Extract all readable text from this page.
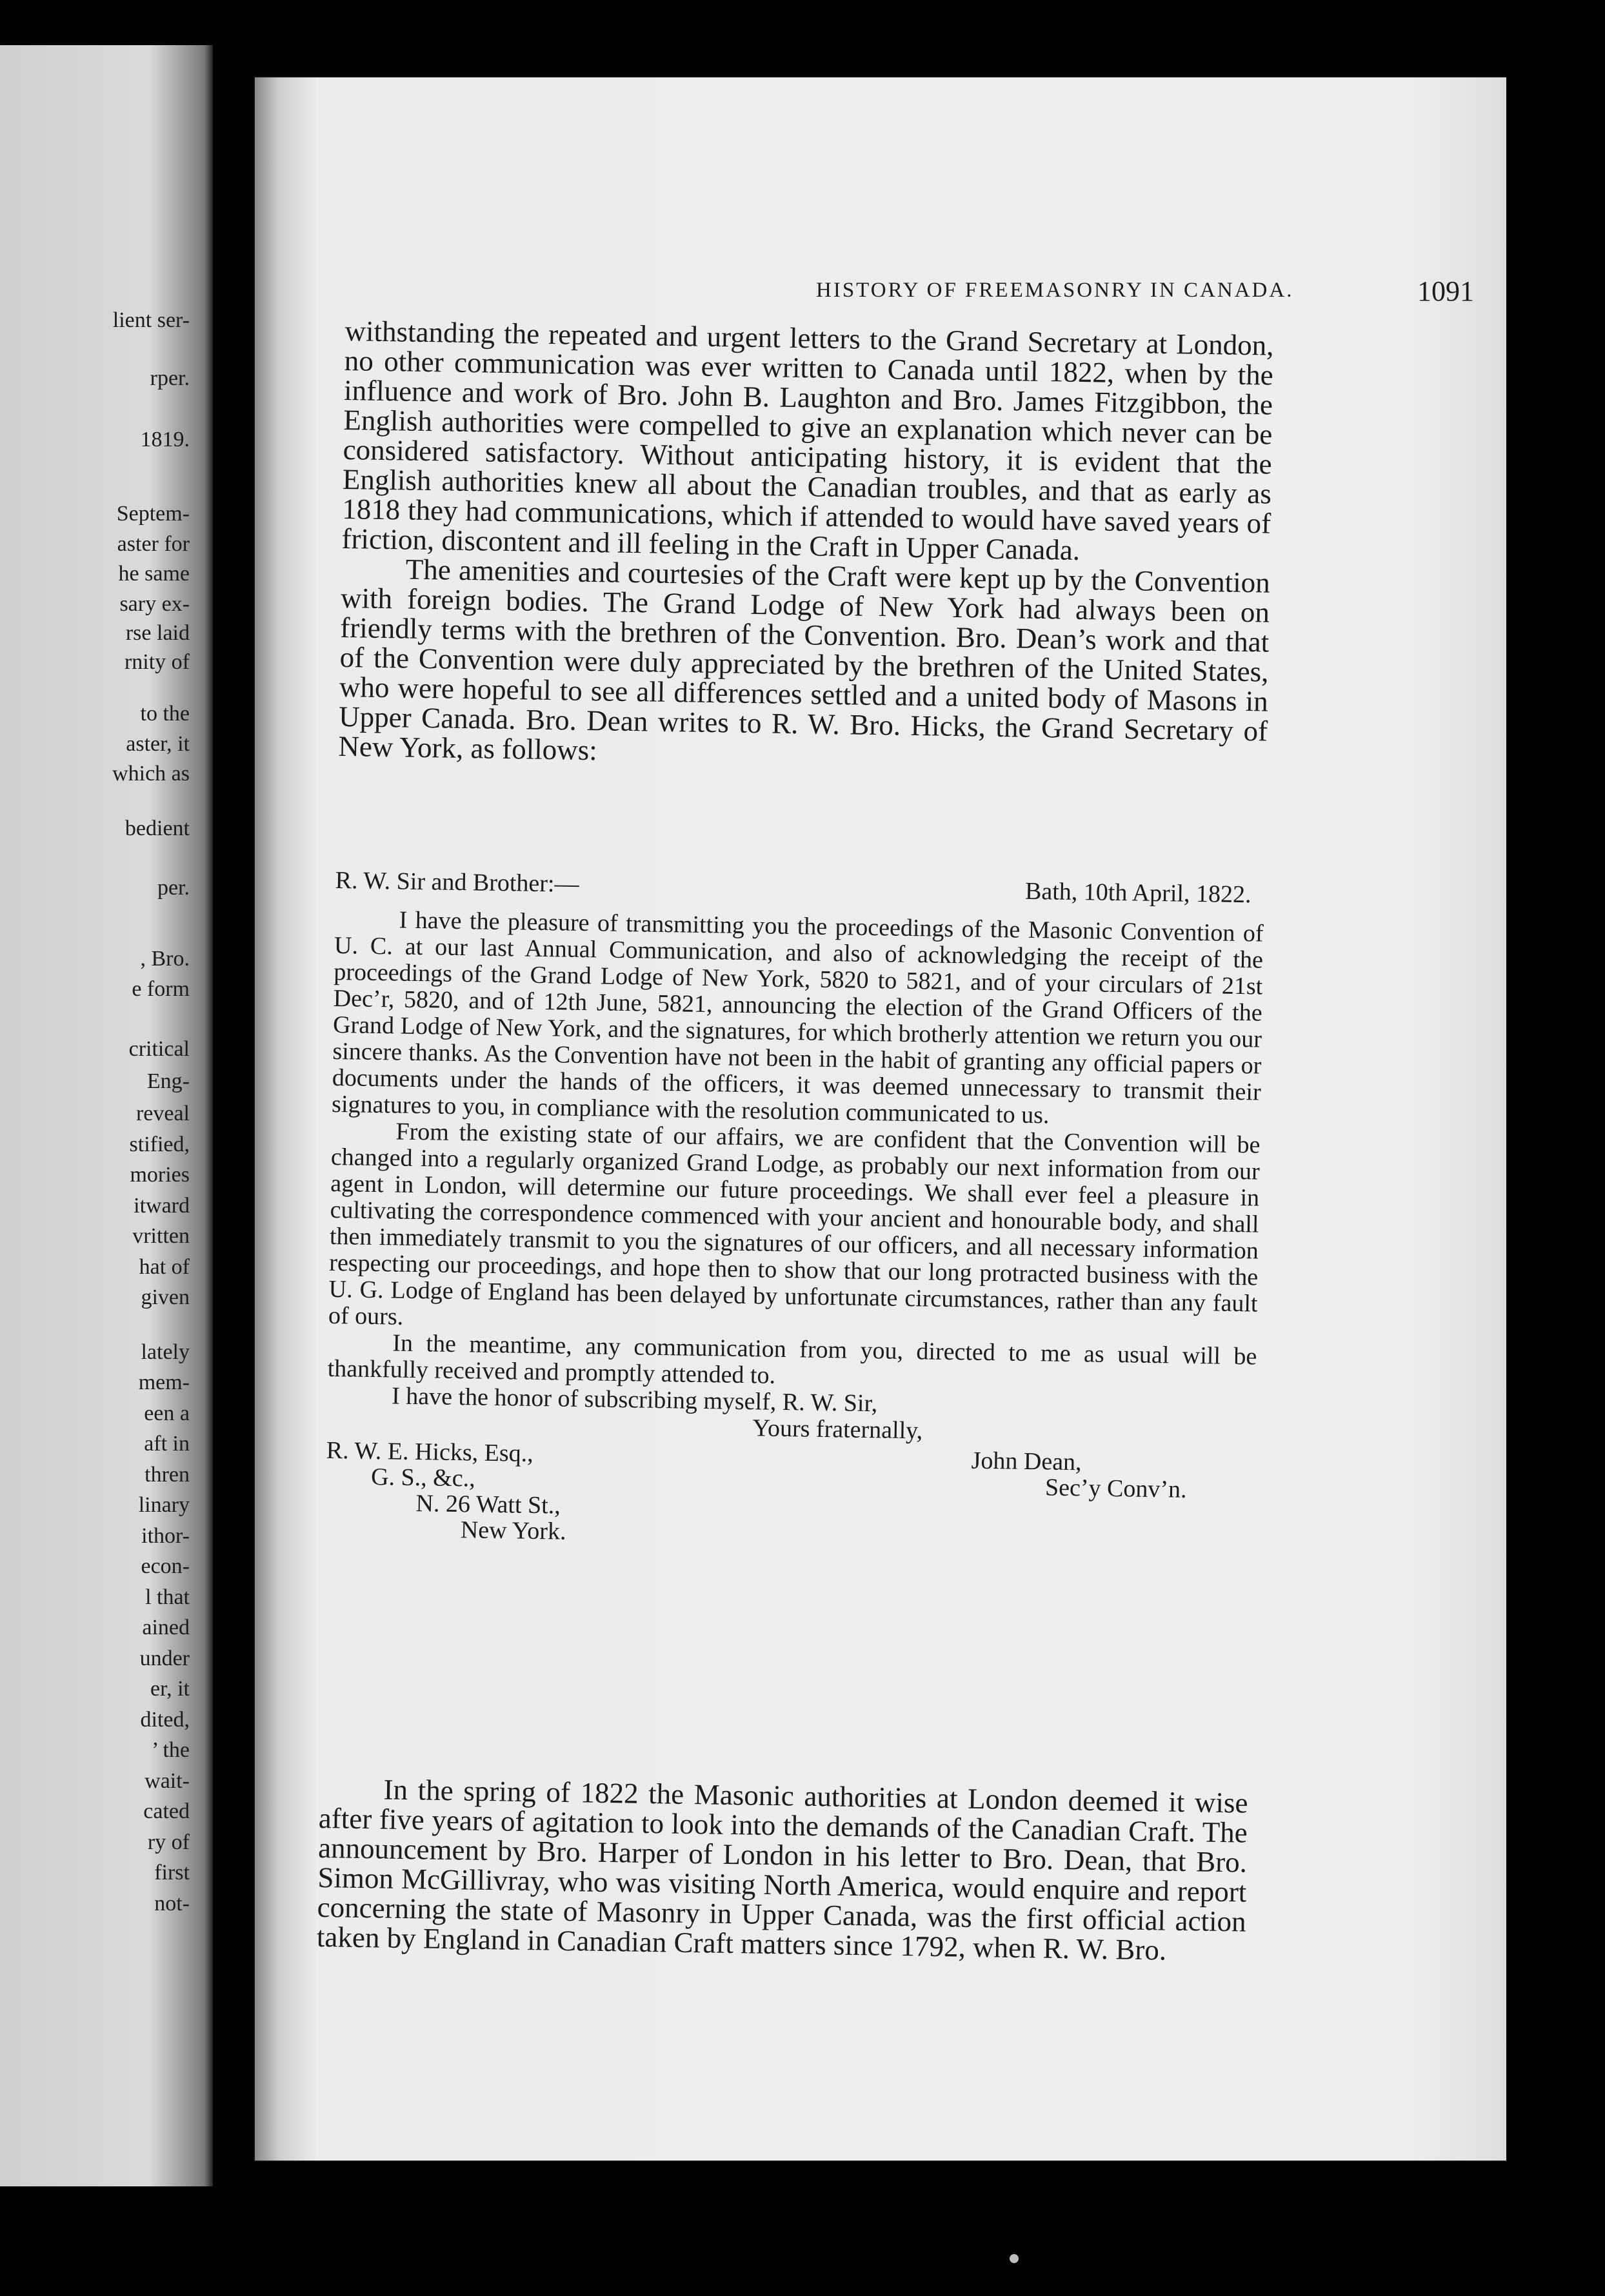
lient ser-

rper.

1819.

Septem-

aster for

he same

sary ex-

rse laid

rnity of

to the

aster, it

which as

bedient

per.

, Bro.

e form

critical

Eng-

reveal

stified,

mories

itward

vritten

hat of

given

lately

mem-

een a

aft in

thren

linary

ithor-

econ-

l that

ained

under

er, it

dited,

’ the

wait-

cated

ry of

first

not-

HISTORY OF FREEMASONRY IN CANADA.	1091

withstanding the repeated and urgent letters to the Grand Secretary at London, no other communication was ever written to Canada until 1822, when by the influence and work of Bro. John B. Laughton and Bro. James Fitzgibbon, the English authorities were compelled to give an explanation which never can be considered satisfactory. Without anticipating history, it is evident that the English authorities knew all about the Canadian troubles, and that as early as 1818 they had communications, which if attended to would have saved years of friction, discontent and ill feeling in the Craft in Upper Canada.

The amenities and courtesies of the Craft were kept up by the Convention with foreign bodies. The Grand Lodge of New York had always been on friendly terms with the brethren of the Convention. Bro. Dean’s work and that of the Convention were duly appreciated by the brethren of the United States, who were hopeful to see all differences settled and a united body of Masons in Upper Canada. Bro. Dean writes to R. W. Bro. Hicks, the Grand Secretary of New York, as follows:

R. W. Sir and Brother:—	Bath, 10th April, 1822.

I have the pleasure of transmitting you the proceedings of the Masonic Convention of U. C. at our last Annual Communication, and also of acknowledging the receipt of the proceedings of the Grand Lodge of New York, 5820 to 5821, and of your circulars of 21st Dec’r, 5820, and of 12th June, 5821, announcing the election of the Grand Officers of the Grand Lodge of New York, and the signatures, for which brotherly attention we return you our sincere thanks. As the Convention have not been in the habit of granting any official papers or documents under the hands of the officers, it was deemed unnecessary to transmit their signatures to you, in compliance with the resolution communicated to us.

From the existing state of our affairs, we are confident that the Convention will be changed into a regularly organized Grand Lodge, as probably our next information from our agent in London, will determine our future proceedings. We shall ever feel a pleasure in cultivating the correspondence commenced with your ancient and honourable body, and shall then immediately transmit to you the signatures of our officers, and all necessary information respecting our proceedings, and hope then to show that our long protracted business with the U. G. Lodge of England has been delayed by unfortunate circumstances, rather than any fault of ours.

In the meantime, any communication from you, directed to me as usual will be thankfully received and promptly attended to.

I have the honor of subscribing myself, R. W. Sir,

Yours fraternally,

R. W. E. Hicks, Esq.,
G. S., &c.,
N. 26 Watt St.,
New York.
John Dean,
Sec’y Conv’n.

In the spring of 1822 the Masonic authorities at London deemed it wise after five years of agitation to look into the demands of the Canadian Craft. The announcement by Bro. Harper of London in his letter to Bro. Dean, that Bro. Simon McGillivray, who was visiting North America, would enquire and report concerning the state of Masonry in Upper Canada, was the first official action taken by England in Canadian Craft matters since 1792, when R. W. Bro.
